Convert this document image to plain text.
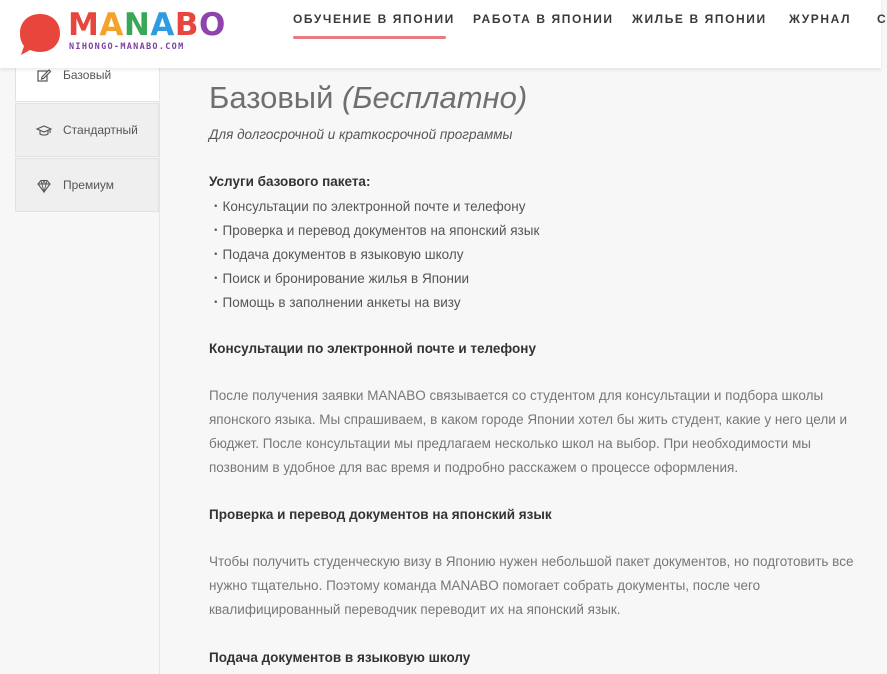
MANABO
NIHONGO-MANABO.COM
ОБУЧЕНИЕ В ЯПОНИИ РАБОТА В ЯПОНИИ ЖИЛЬЕ В ЯПОНИИ ЖУРНАЛ С
Базовый
Стандартный
Премиум
Базовый (Бесплатно)

Для долгосрочной и краткосрочной программы

Услуги базового пакета:

・Консультации по электронной почте и телефону
・Проверка и перевод документов на японский язык
・Подача документов в языковую школу
・Поиск и бронирование жилья в Японии
・Помощь в заполнении анкеты на визу

Консультации по электронной почте и телефону

После получения заявки MANABO связывается со студентом для консультации и подбора школы японского языка. Мы спрашиваем, в каком городе Японии хотел бы жить студент, какие у него цели и бюджет. После консультации мы предлагаем несколько школ на выбор. При необходимости мы позвоним в удобное для вас время и подробно расскажем о процессе оформления.

Проверка и перевод документов на японский язык

Чтобы получить студенческую визу в Японию нужен небольшой пакет документов, но подготовить все нужно тщательно. Поэтому команда MANABO помогает собрать документы, после чего квалифицированный переводчик переводит их на японский язык.

Подача документов в языковую школу
